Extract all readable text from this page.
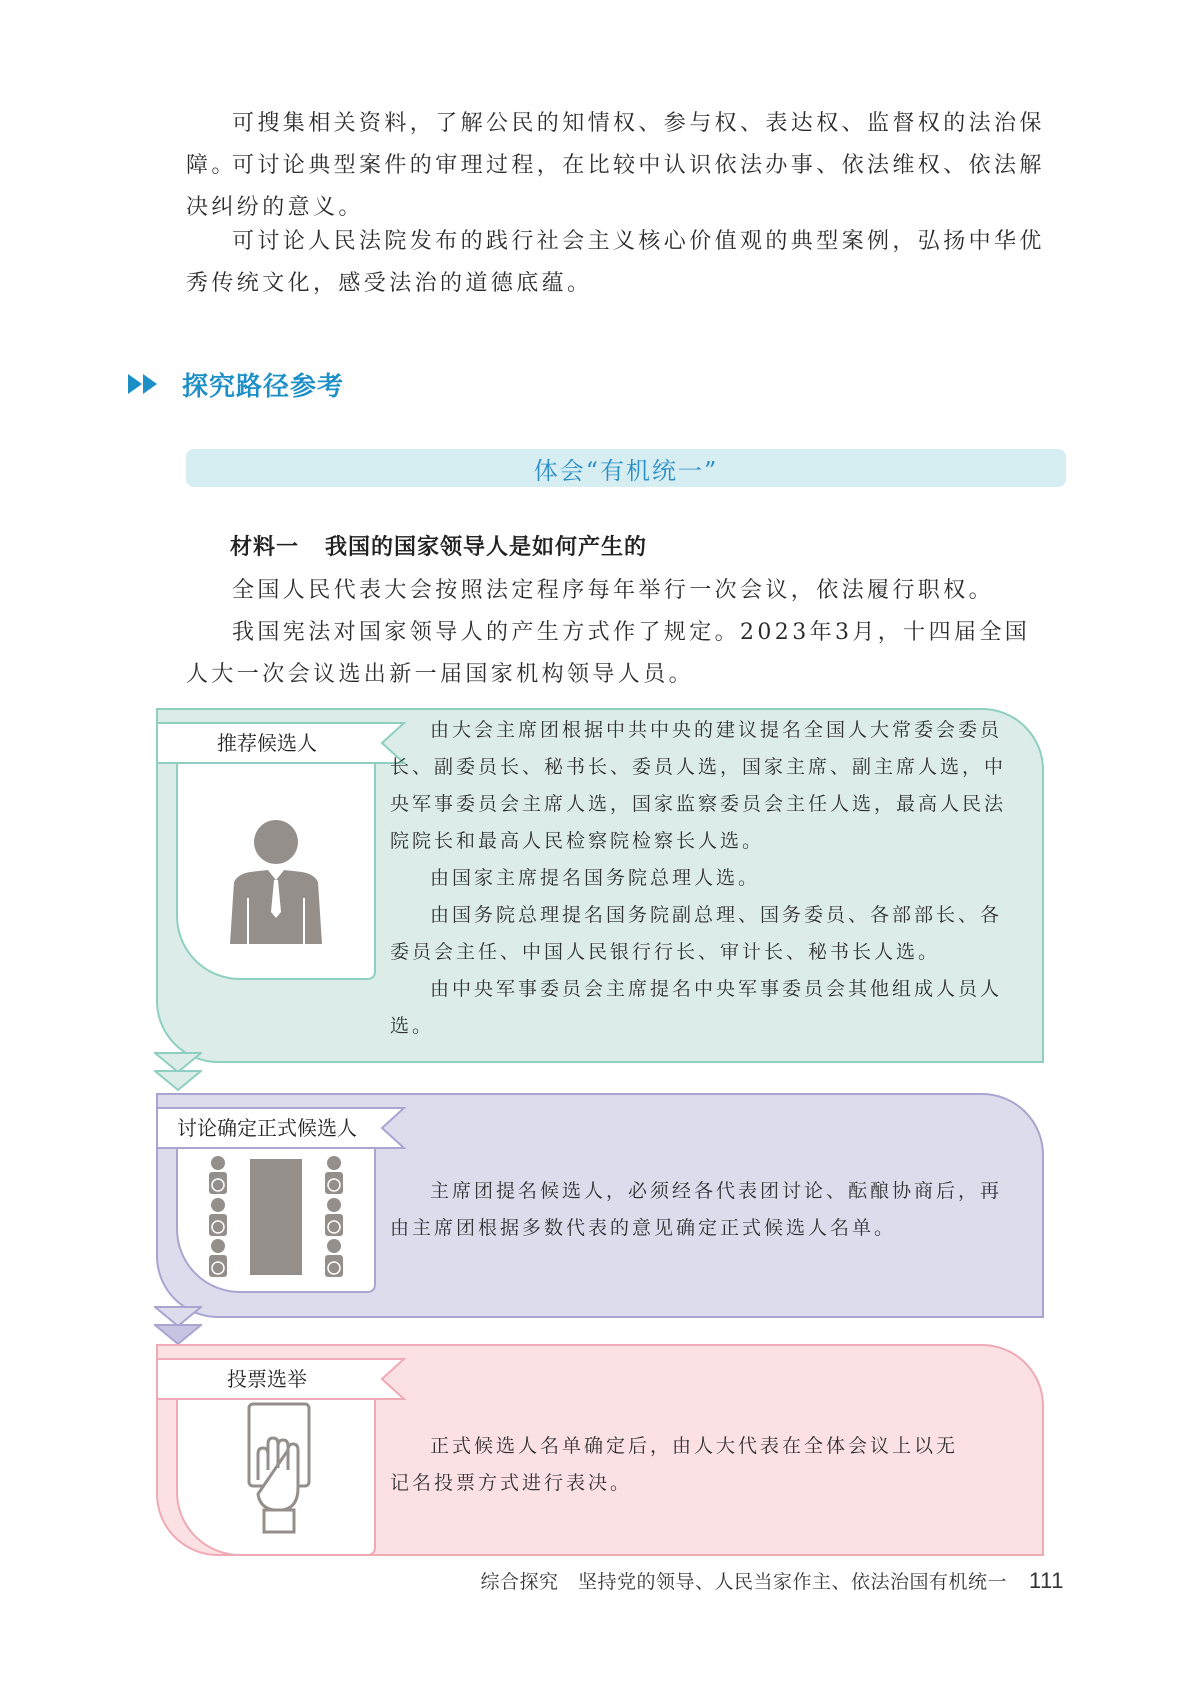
可搜集相关资料，了解公民的知情权、参与权、表达权、监督权的法治保障。

可讨论典型案件的审理过程，在比较中认识依法办事、依法维权、依法解决纠纷的意义。

可讨论人民法院发布的践行社会主义核心价值观的典型案例，弘扬中华优秀传统文化，感受法治的道德底蕴。

探究路径参考
体会“有机统一”
材料一 我国的国家领导人是如何产生的

全国人民代表大会按照法定程序每年举行一次会议，依法履行职权。

我国宪法对国家领导人的产生方式作了规定。2023年3月，十四届全国人大一次会议选出新一届国家机构领导人员。

推荐候选人

由大会主席团根据中共中央的建议提名全国人大常委会委员长、副委员长、秘书长、委员人选，国家主席、副主席人选，中央军事委员会主席人选，国家监察委员会主任人选，最高人民法院院长和最高人民检察院检察长人选。

由国家主席提名国务院总理人选。

由国务院总理提名国务院副总理、国务委员、各部部长、各委员会主任、中国人民银行行长、审计长、秘书长人选。

由中央军事委员会主席提名中央军事委员会其他组成人员人选。

讨论确定正式候选人

主席团提名候选人，必须经各代表团讨论、酝酿协商后，再由主席团根据多数代表的意见确定正式候选人名单。

投票选举

正式候选人名单确定后，由人大代表在全体会议上以无记名投票方式进行表决。

综合探究　坚持党的领导、人民当家作主、依法治国有机统一 111
